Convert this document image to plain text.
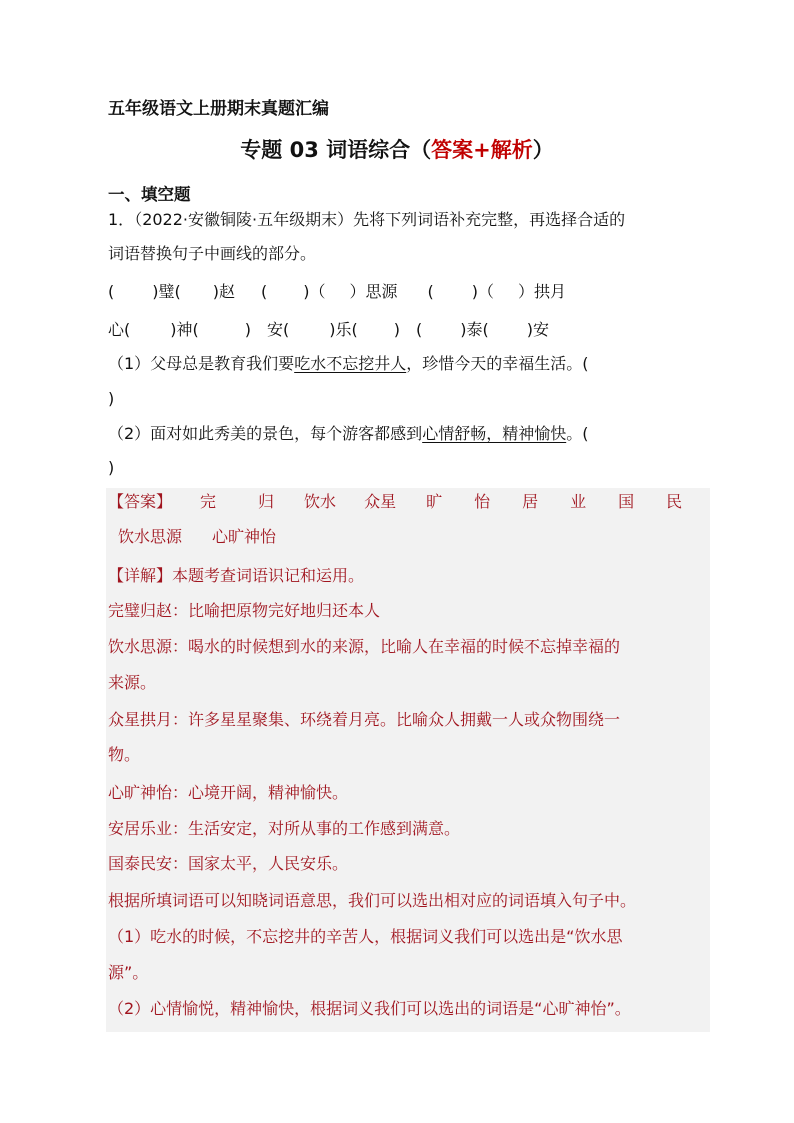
五年级语文上册期末真题汇编
专题 03 词语综合（答案+解析）
一、填空题
1．（2022·安徽铜陵·五年级期末）先将下列词语补充完整，再选择合适的
词语替换句子中画线的部分。
( )璧( )赵 ( )（ ）思源 ( )（ ）拱月
心(	)神(	) 安(	)乐( ) ( )泰( )安
（1）父母总是教育我们要吃水不忘挖井人，珍惜今天的幸福生活。(
)
（2）面对如此秀美的景色，每个游客都感到心情舒畅，精神愉快。(
)
【答案】 完	归 饮水 众星 旷 怡 居 业 国 民
饮水思源 心旷神怡
【详解】本题考查词语识记和运用。
完璧归赵：比喻把原物完好地归还本人
饮水思源：喝水的时候想到水的来源，比喻人在幸福的时候不忘掉幸福的
来源。
众星拱月：许多星星聚集、环绕着月亮。比喻众人拥戴一人或众物围绕一
物。
心旷神怡：心境开阔，精神愉快。
安居乐业：生活安定，对所从事的工作感到满意。
国泰民安：国家太平，人民安乐。
根据所填词语可以知晓词语意思，我们可以选出相对应的词语填入句子中。
（1）吃水的时候，不忘挖井的辛苦人，根据词义我们可以选出是“饮水思
源”。
（2）心情愉悦，精神愉快，根据词义我们可以选出的词语是“心旷神怡”。
